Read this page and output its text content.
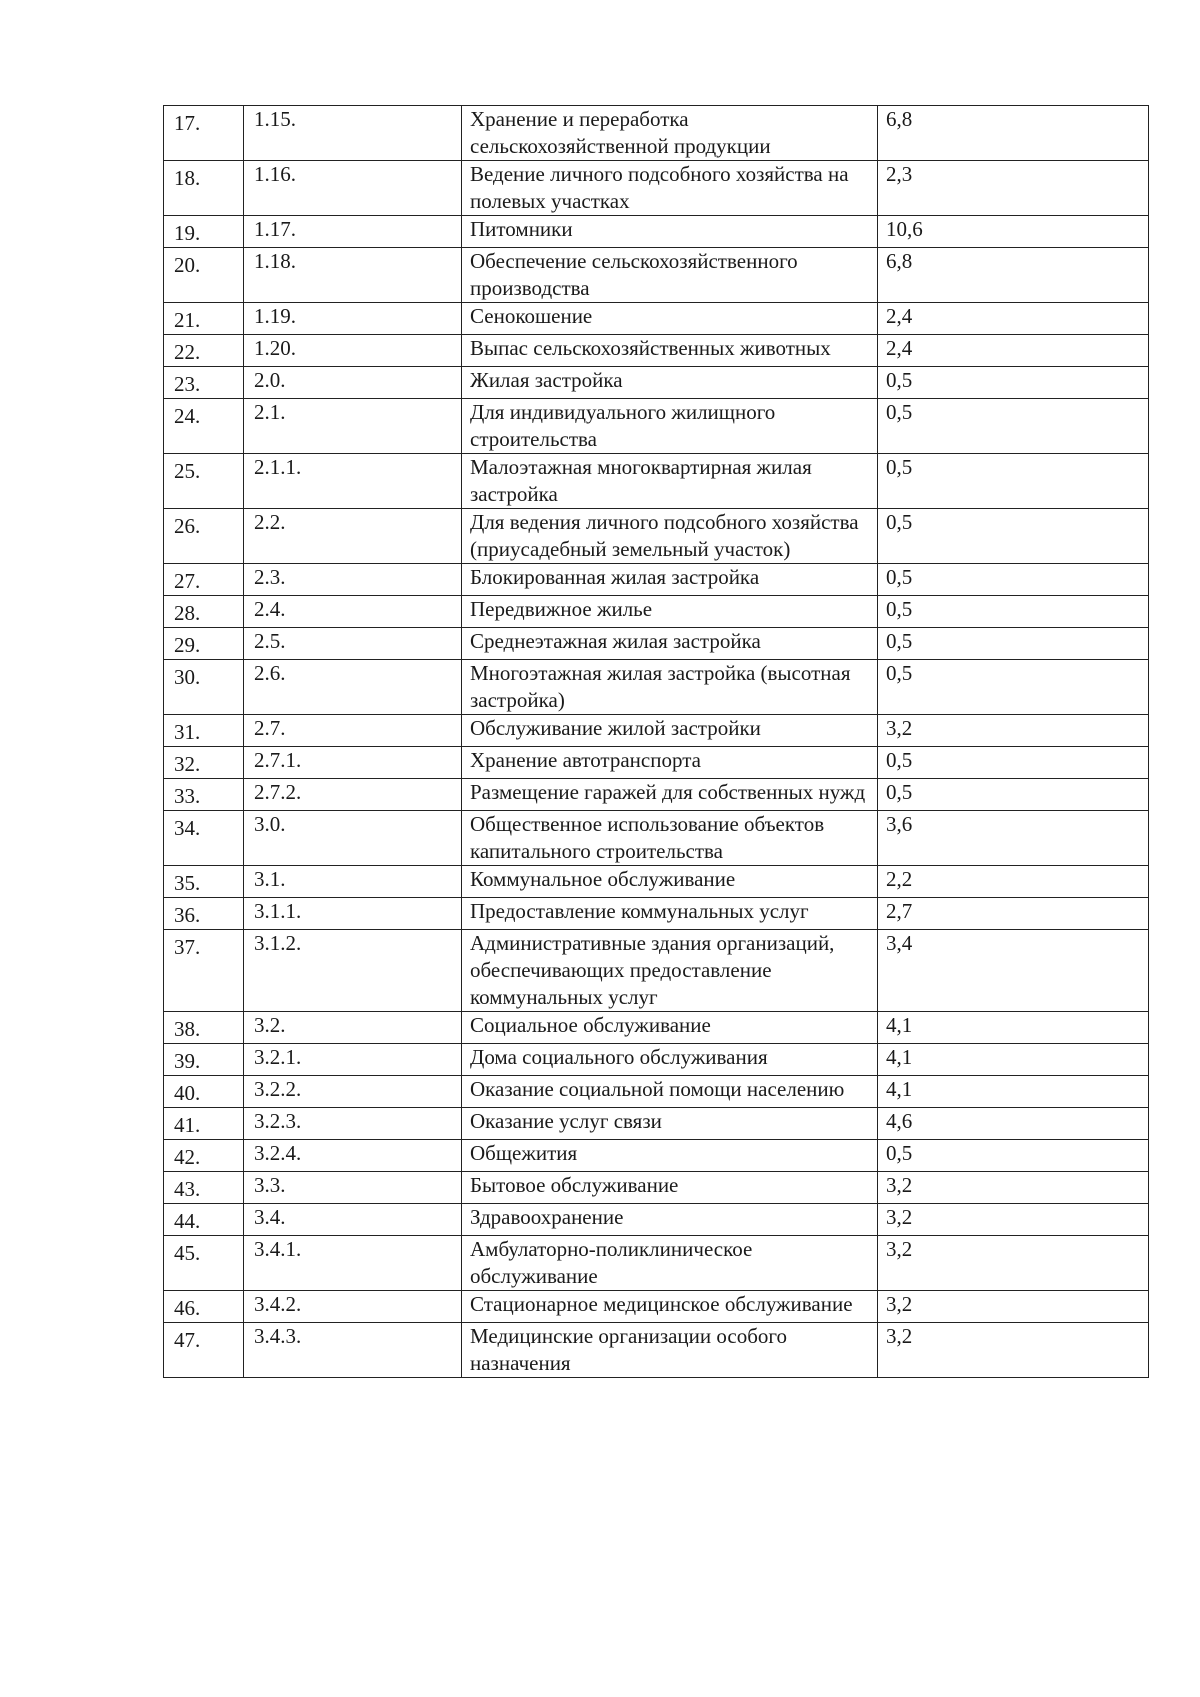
17.	1.15.	Хранение и переработка сельскохозяйственной продукции	6,8
18.	1.16.	Ведение личного подсобного хозяйства на полевых участках	2,3
19.	1.17.	Питомники	10,6
20.	1.18.	Обеспечение сельскохозяйственного производства	6,8
21.	1.19.	Сенокошение	2,4
22.	1.20.	Выпас сельскохозяйственных животных	2,4
23.	2.0.	Жилая застройка	0,5
24.	2.1.	Для индивидуального жилищного строительства	0,5
25.	2.1.1.	Малоэтажная многоквартирная жилая застройка	0,5
26.	2.2.	Для ведения личного подсобного хозяйства (приусадебный земельный участок)	0,5
27.	2.3.	Блокированная жилая застройка	0,5
28.	2.4.	Передвижное жилье	0,5
29.	2.5.	Среднеэтажная жилая застройка	0,5
30.	2.6.	Многоэтажная жилая застройка (высотная застройка)	0,5
31.	2.7.	Обслуживание жилой застройки	3,2
32.	2.7.1.	Хранение автотранспорта	0,5
33.	2.7.2.	Размещение гаражей для собственных нужд	0,5
34.	3.0.	Общественное использование объектов капитального строительства	3,6
35.	3.1.	Коммунальное обслуживание	2,2
36.	3.1.1.	Предоставление коммунальных услуг	2,7
37.	3.1.2.	Административные здания организаций, обеспечивающих предоставление коммунальных услуг	3,4
38.	3.2.	Социальное обслуживание	4,1
39.	3.2.1.	Дома социального обслуживания	4,1
40.	3.2.2.	Оказание социальной помощи населению	4,1
41.	3.2.3.	Оказание услуг связи	4,6
42.	3.2.4.	Общежития	0,5
43.	3.3.	Бытовое обслуживание	3,2
44.	3.4.	Здравоохранение	3,2
45.	3.4.1.	Амбулаторно-поликлиническое обслуживание	3,2
46.	3.4.2.	Стационарное медицинское обслуживание	3,2
47.	3.4.3.	Медицинские организации особого назначения	3,2
